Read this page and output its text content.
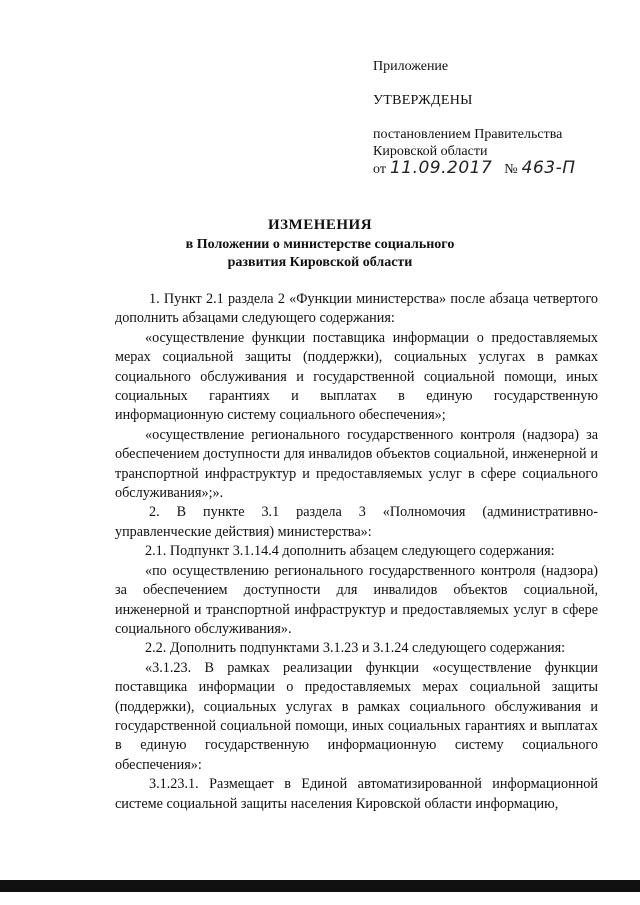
Приложение
УТВЕРЖДЕНЫ
постановлением Правительства
Кировской области
от 11.09.2017 № 463-П
ИЗМЕНЕНИЯ
в Положении о министерстве социального
развития Кировской области

1. Пункт 2.1 раздела 2 «Функции министерства» после абзаца четвертого дополнить абзацами следующего содержания:

«осуществление функции поставщика информации о предоставляемых мерах социальной защиты (поддержки), социальных услугах в рамках социального обслуживания и государственной социальной помощи, иных социальных гарантиях и выплатах в единую государственную информационную систему социального обеспечения»;

«осуществление регионального государственного контроля (надзора) за обеспечением доступности для инвалидов объектов социальной, инженерной и транспортной инфраструктур и предоставляемых услуг в сфере социального обслуживания»;».

2. В пункте 3.1 раздела 3 «Полномочия (административно-управленческие действия) министерства»:

2.1. Подпункт 3.1.14.4 дополнить абзацем следующего содержания:

«по осуществлению регионального государственного контроля (надзора) за обеспечением доступности для инвалидов объектов социальной, инженерной и транспортной инфраструктур и предоставляемых услуг в сфере социального обслуживания».

2.2. Дополнить подпунктами 3.1.23 и 3.1.24 следующего содержания:

«3.1.23. В рамках реализации функции «осуществление функции поставщика информации о предоставляемых мерах социальной защиты (поддержки), социальных услугах в рамках социального обслуживания и государственной социальной помощи, иных социальных гарантиях и выплатах в единую государственную информационную систему социального обеспечения»:

3.1.23.1. Размещает в Единой автоматизированной информационной системе социальной защиты населения Кировской области информацию,
